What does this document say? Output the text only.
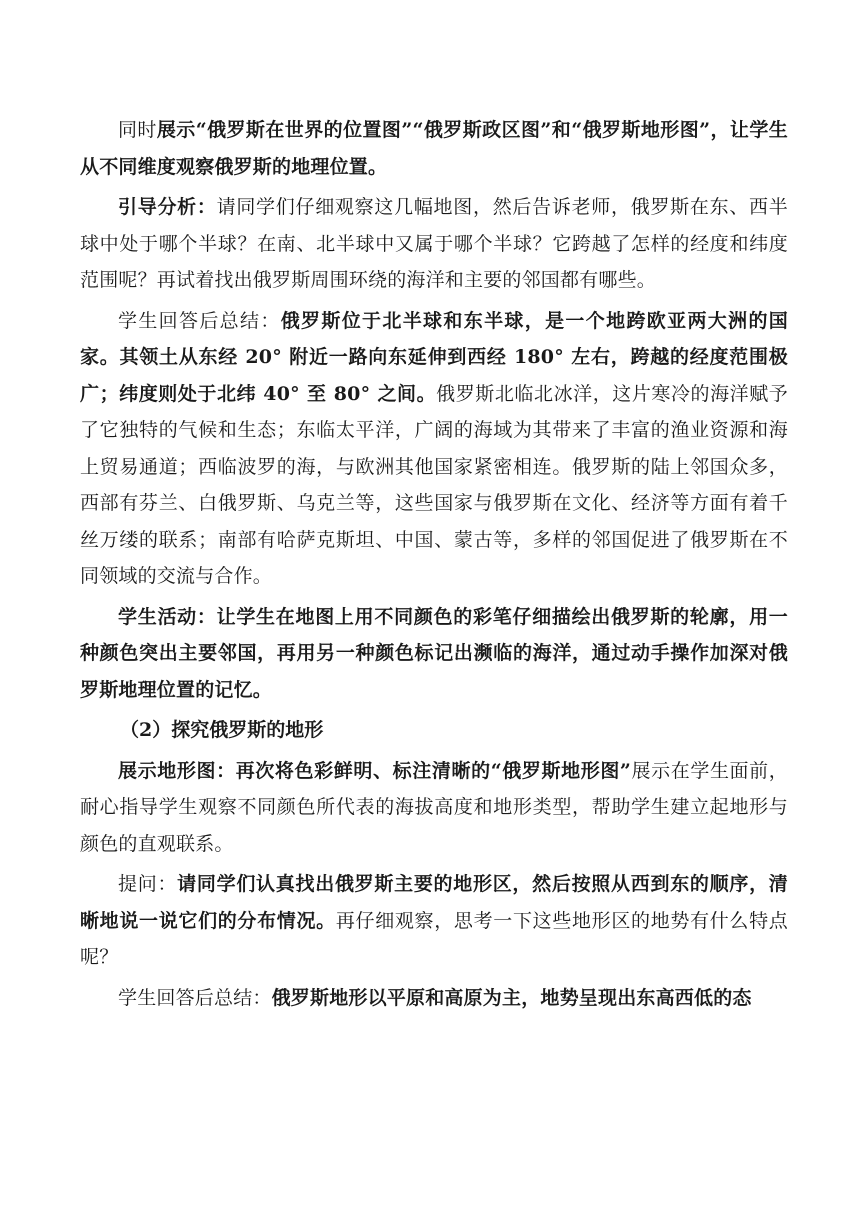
同时展示“俄罗斯在世界的位置图”“俄罗斯政区图”和“俄罗斯地形图”，让学生从不同维度观察俄罗斯的地理位置。

引导分析：请同学们仔细观察这几幅地图，然后告诉老师，俄罗斯在东、西半球中处于哪个半球？在南、北半球中又属于哪个半球？它跨越了怎样的经度和纬度范围呢？再试着找出俄罗斯周围环绕的海洋和主要的邻国都有哪些。

学生回答后总结：俄罗斯位于北半球和东半球，是一个地跨欧亚两大洲的国家。其领土从东经 20° 附近一路向东延伸到西经 180° 左右，跨越的经度范围极广；纬度则处于北纬 40° 至 80° 之间。俄罗斯北临北冰洋，这片寒冷的海洋赋予了它独特的气候和生态；东临太平洋，广阔的海域为其带来了丰富的渔业资源和海上贸易通道；西临波罗的海，与欧洲其他国家紧密相连。俄罗斯的陆上邻国众多，西部有芬兰、白俄罗斯、乌克兰等，这些国家与俄罗斯在文化、经济等方面有着千丝万缕的联系；南部有哈萨克斯坦、中国、蒙古等，多样的邻国促进了俄罗斯在不同领域的交流与合作。

学生活动：让学生在地图上用不同颜色的彩笔仔细描绘出俄罗斯的轮廓，用一种颜色突出主要邻国，再用另一种颜色标记出濒临的海洋，通过动手操作加深对俄罗斯地理位置的记忆。

（2）探究俄罗斯的地形

展示地形图：再次将色彩鲜明、标注清晰的“俄罗斯地形图”展示在学生面前，耐心指导学生观察不同颜色所代表的海拔高度和地形类型，帮助学生建立起地形与颜色的直观联系。

提问：请同学们认真找出俄罗斯主要的地形区，然后按照从西到东的顺序，清晰地说一说它们的分布情况。再仔细观察，思考一下这些地形区的地势有什么特点呢？

学生回答后总结：俄罗斯地形以平原和高原为主，地势呈现出东高西低的态
